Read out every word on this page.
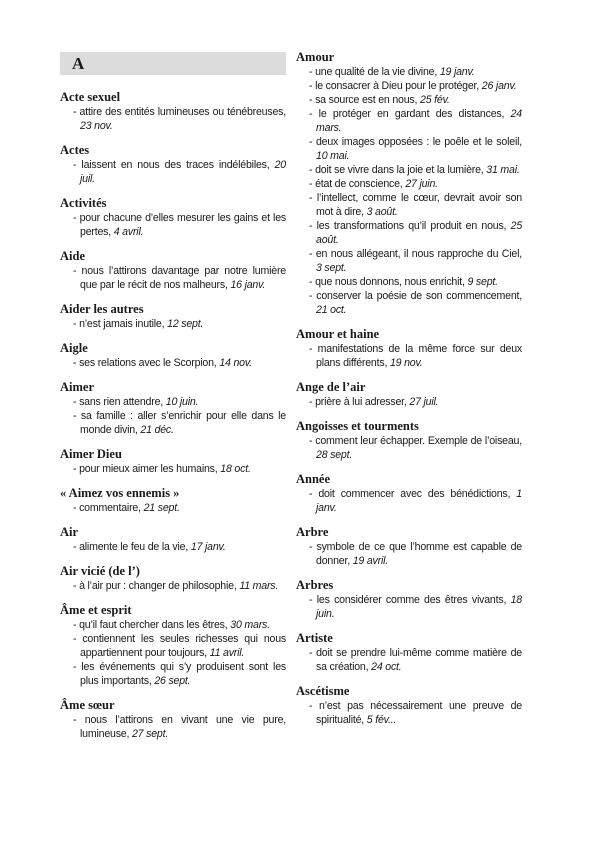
A
Acte sexuel
- attire des entités lumineuses ou ténébreuses, 23 nov.
Actes
- laissent en nous des traces indélébiles, 20 juil.
Activités
- pour chacune d’elles mesurer les gains et les pertes, 4 avril.
Aide
- nous l’attirons davantage par notre lumière que par le récit de nos malheurs, 16 janv.
Aider les autres
- n’est jamais inutile, 12 sept.
Aigle
- ses relations avec le Scorpion, 14 nov.
Aimer
- sans rien attendre, 10 juin.
- sa famille : aller s’enrichir pour elle dans le monde divin, 21 déc.
Aimer Dieu
- pour mieux aimer les humains, 18 oct.
« Aimez vos ennemis »
- commentaire, 21 sept.
Air
- alimente le feu de la vie, 17 janv.
Air vicié (de l’)
- à l’air pur : changer de philosophie, 11 mars.
Âme et esprit
- qu’il faut chercher dans les êtres, 30 mars.
- contiennent les seules richesses qui nous appartiennent pour toujours, 11 avril.
- les événements qui s’y produisent sont les plus importants, 26 sept.
Âme sœur
- nous l’attirons en vivant une vie pure, lumineuse, 27 sept.
Amour
- une qualité de la vie divine, 19 janv.
- le consacrer à Dieu pour le protéger, 26 janv.
- sa source est en nous, 25 fév.
- le protéger en gardant des distances, 24 mars.
- deux images opposées : le poêle et le soleil, 10 mai.
- doit se vivre dans la joie et la lumière, 31 mai.
- état de conscience, 27 juin.
- l’intellect, comme le cœur, devrait avoir son mot à dire, 3 août.
- les transformations qu’il produit en nous, 25 août.
- en nous allégeant, il nous rapproche du Ciel, 3 sept.
- que nous donnons, nous enrichit, 9 sept.
- conserver la poésie de son commencement, 21 oct.
Amour et haine
- manifestations de la même force sur deux plans différents, 19 nov.
Ange de l’air
- prière à lui adresser, 27 juil.
Angoisses et tourments
- comment leur échapper. Exemple de l’oiseau, 28 sept.
Année
- doit commencer avec des bénédictions, 1 janv.
Arbre
- symbole de ce que l’homme est capable de donner, 19 avril.
Arbres
- les considérer comme des êtres vivants, 18 juin.
Artiste
- doit se prendre lui-même comme matière de sa création, 24 oct.
Ascétisme
- n’est pas nécessairement une preuve de spiritualité, 5 fév...
